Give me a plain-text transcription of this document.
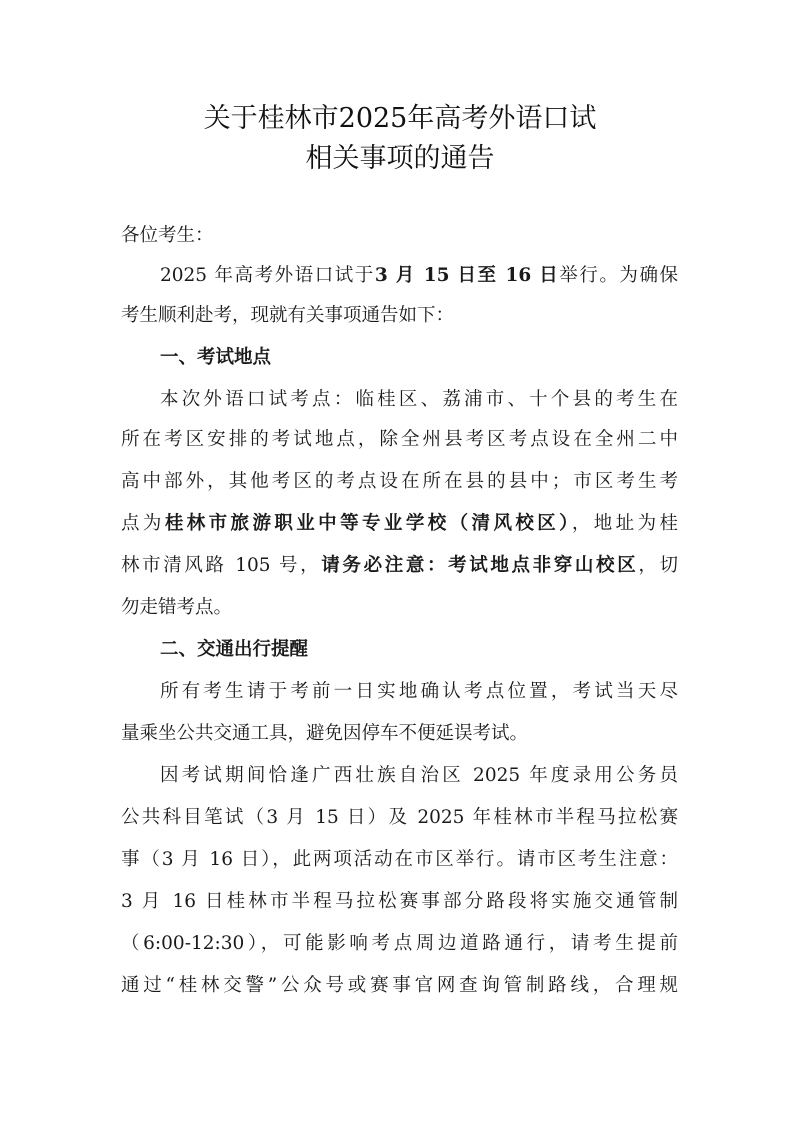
关于桂林市2025年高考外语口试
相关事项的通告
各位考生：
2025 年高考外语口试于3 月 15 日至 16 日举行。为确保
考生顺利赴考，现就有关事项通告如下：
一、考试地点
本次外语口试考点：临桂区、荔浦市、十个县的考生在
所在考区安排的考试地点，除全州县考区考点设在全州二中
高中部外，其他考区的考点设在所在县的县中；市区考生考
点为桂林市旅游职业中等专业学校（清风校区），地址为桂
林市清风路 105 号，请务必注意：考试地点非穿山校区，切
勿走错考点。
二、交通出行提醒
所有考生请于考前一日实地确认考点位置，考试当天尽
量乘坐公共交通工具，避免因停车不便延误考试。
因考试期间恰逢广西壮族自治区 2025 年度录用公务员
公共科目笔试（3 月 15 日）及 2025 年桂林市半程马拉松赛
事（3 月 16 日），此两项活动在市区举行。请市区考生注意：
3 月 16 日桂林市半程马拉松赛事部分路段将实施交通管制
（6:00-12:30），可能影响考点周边道路通行，请考生提前
通过“桂林交警”公众号或赛事官网查询管制路线，合理规
